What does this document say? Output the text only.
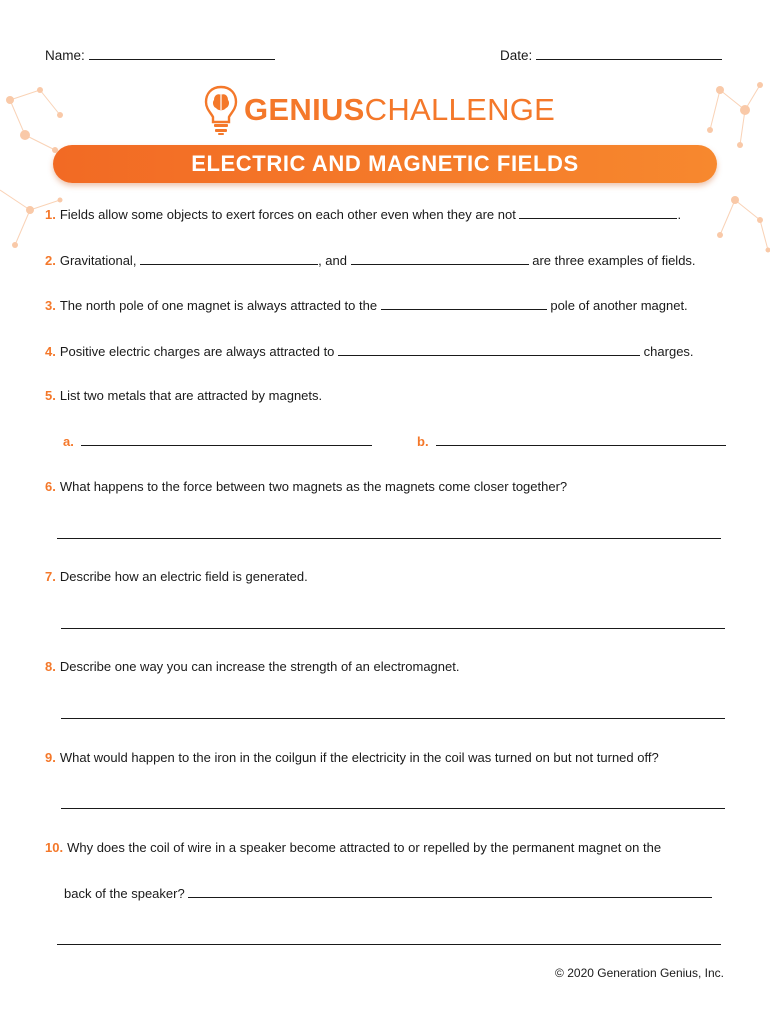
Name:	Date:
GENIUSCHALLENGE
ELECTRIC AND MAGNETIC FIELDS
1. Fields allow some objects to exert forces on each other even when they are not	.
2. Gravitational,	, and	are three examples of fields.
3. The north pole of one magnet is always attracted to the	pole of another magnet.
4. Positive electric charges are always attracted to	charges.
5. List two metals that are attracted by magnets.
a.	b.
6. What happens to the force between two magnets as the magnets come closer together?
7. Describe how an electric field is generated.
8. Describe one way you can increase the strength of an electromagnet.
9. What would happen to the iron in the coilgun if the electricity in the coil was turned on but not turned off?
10. Why does the coil of wire in a speaker become attracted to or repelled by the permanent magnet on the
back of the speaker?
© 2020 Generation Genius, Inc.
